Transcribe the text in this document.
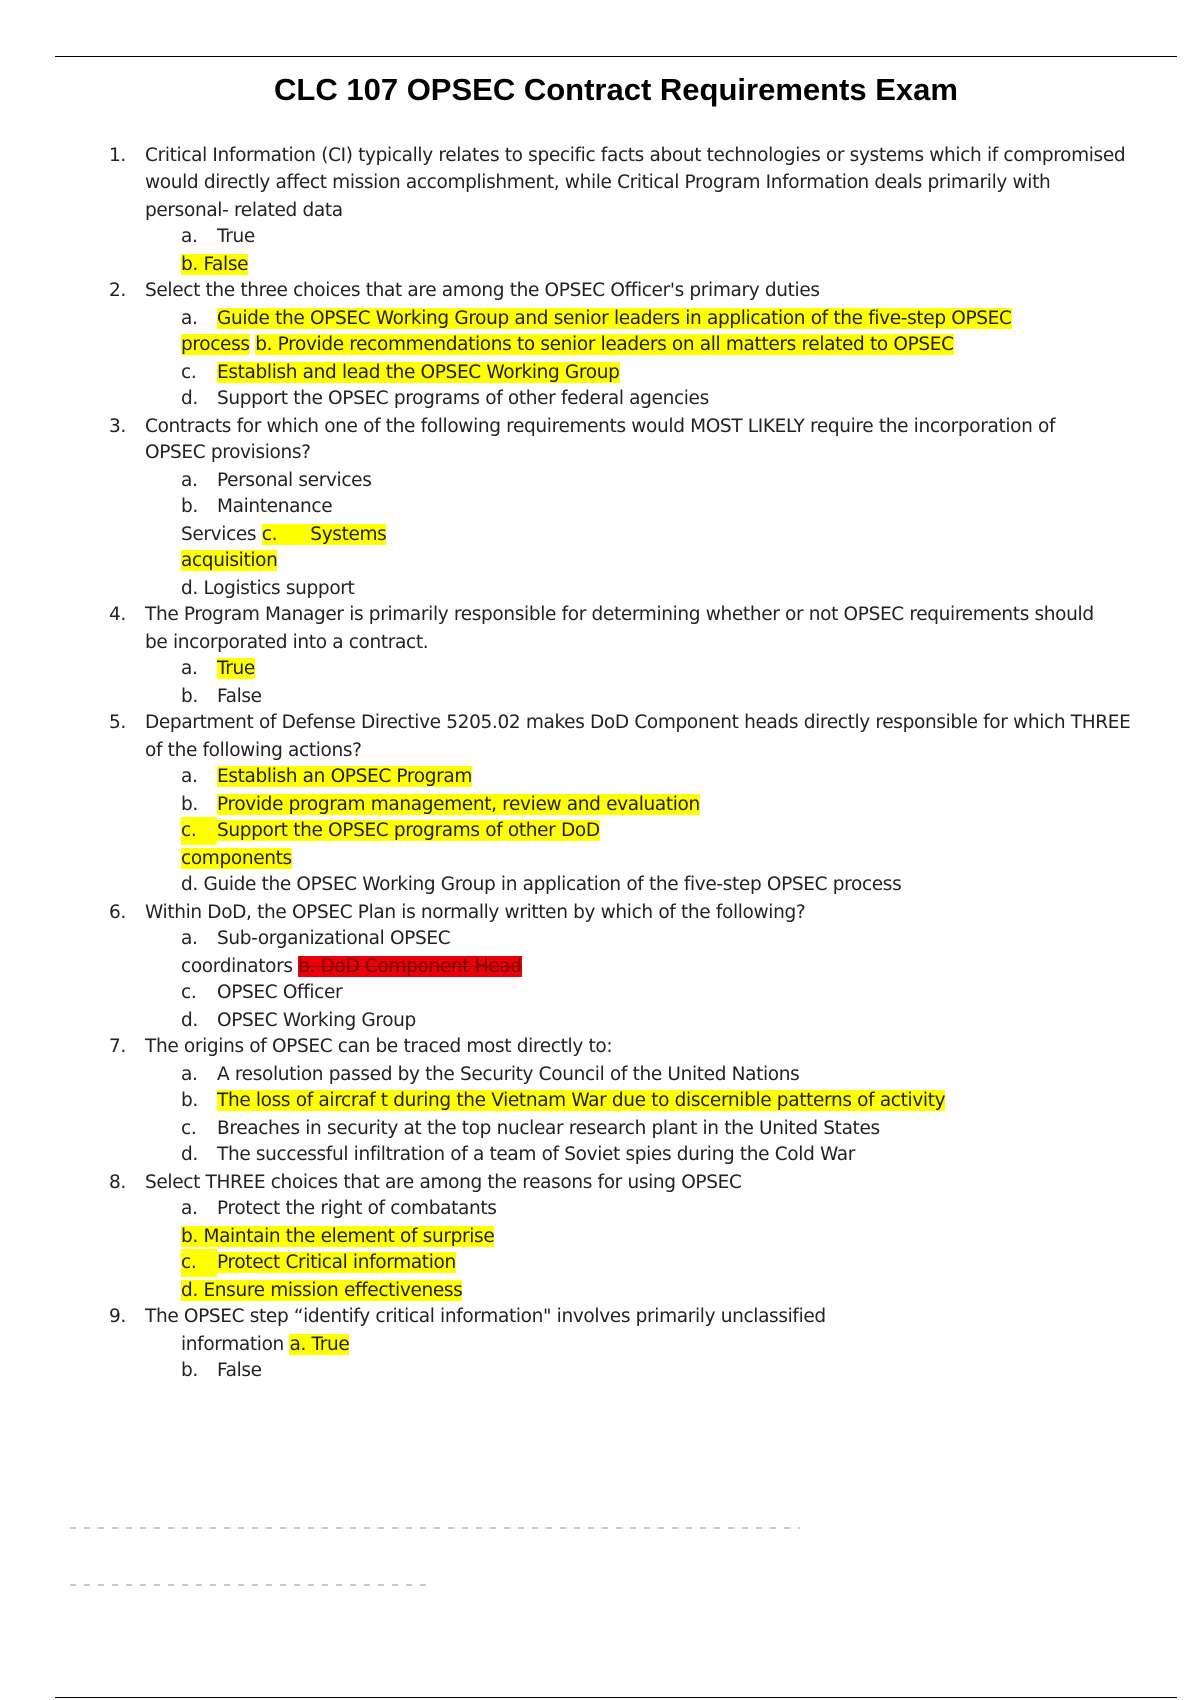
CLC 107 OPSEC Contract Requirements Exam
1. Critical Information (CI) typically relates to specific facts about technologies or systems which if compromised
would directly affect mission accomplishment, while Critical Program Information deals primarily with
personal- related data
a. True
b. False
2. Select the three choices that are among the OPSEC Officer's primary duties
a. Guide the OPSEC Working Group and senior leaders in application of the five-step OPSEC
process b. Provide recommendations to senior leaders on all matters related to OPSEC
c. Establish and lead the OPSEC Working Group
d. Support the OPSEC programs of other federal agencies
3. Contracts for which one of the following requirements would MOST LIKELY require the incorporation of
OPSEC provisions?
a. Personal services
b. Maintenance
Services c. Systems
acquisition
d. Logistics support
4. The Program Manager is primarily responsible for determining whether or not OPSEC requirements should
be incorporated into a contract.
a. True
b. False
5. Department of Defense Directive 5205.02 makes DoD Component heads directly responsible for which THREE
of the following actions?
a. Establish an OPSEC Program
b. Provide program management, review and evaluation
c. Support the OPSEC programs of other DoD
components
d. Guide the OPSEC Working Group in application of the five-step OPSEC process
6. Within DoD, the OPSEC Plan is normally written by which of the following?
a. Sub-organizational OPSEC
coordinators b. DoD Component Head
c. OPSEC Officer
d. OPSEC Working Group
7. The origins of OPSEC can be traced most directly to:
a. A resolution passed by the Security Council of the United Nations
b. The loss of aircraf t during the Vietnam War due to discernible patterns of activity
c. Breaches in security at the top nuclear research plant in the United States
d. The successful infiltration of a team of Soviet spies during the Cold War
8. Select THREE choices that are among the reasons for using OPSEC
a. Protect the right of combatants
b. Maintain the element of surprise
c. Protect Critical information
d. Ensure mission effectiveness
9. The OPSEC step “identify critical information" involves primarily unclassified
information a. True
b. False
